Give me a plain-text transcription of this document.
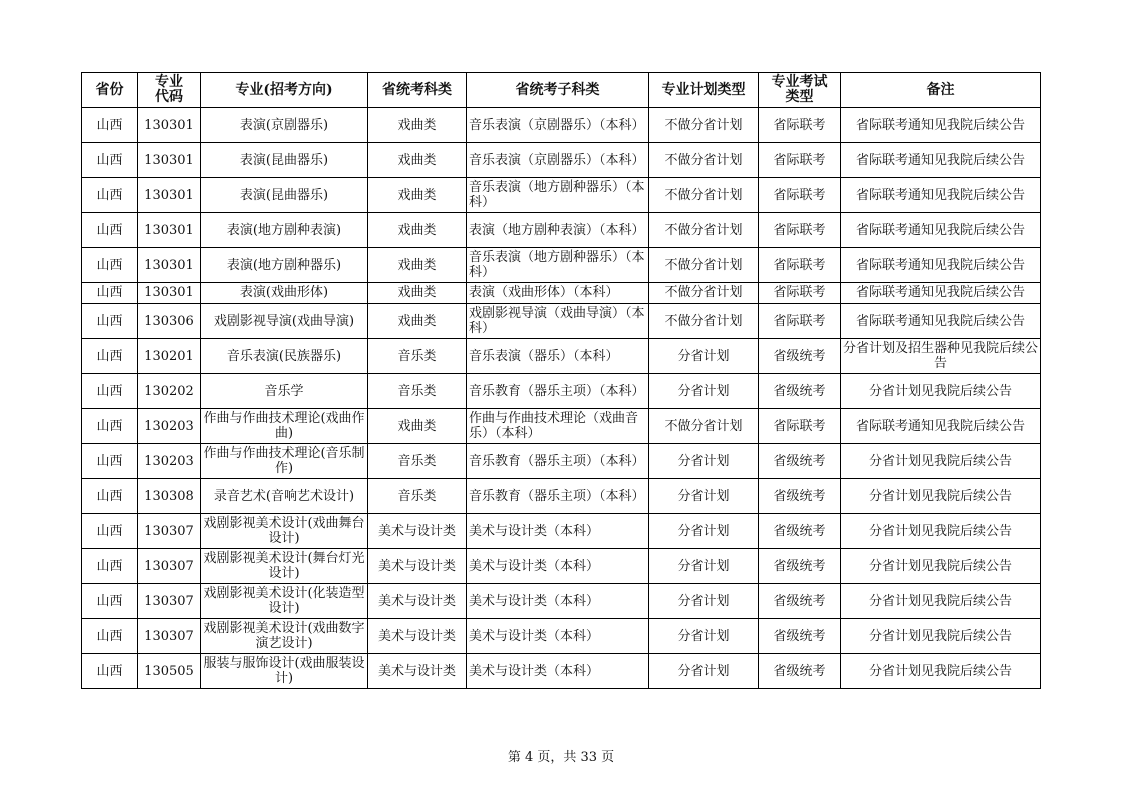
省份	专业代码	专业(招考方向)	省统考科类	省统考子科类	专业计划类型	专业考试类型	备注
山西	130301	表演(京剧器乐)	戏曲类	音乐表演（京剧器乐）（本科）	不做分省计划	省际联考	省际联考通知见我院后续公告
山西	130301	表演(昆曲器乐)	戏曲类	音乐表演（京剧器乐）（本科）	不做分省计划	省际联考	省际联考通知见我院后续公告
山西	130301	表演(昆曲器乐)	戏曲类	音乐表演（地方剧种器乐）（本科）	不做分省计划	省际联考	省际联考通知见我院后续公告
山西	130301	表演(地方剧种表演)	戏曲类	表演（地方剧种表演）（本科）	不做分省计划	省际联考	省际联考通知见我院后续公告
山西	130301	表演(地方剧种器乐)	戏曲类	音乐表演（地方剧种器乐）（本科）	不做分省计划	省际联考	省际联考通知见我院后续公告
山西	130301	表演(戏曲形体)	戏曲类	表演（戏曲形体）（本科）	不做分省计划	省际联考	省际联考通知见我院后续公告
山西	130306	戏剧影视导演(戏曲导演)	戏曲类	戏剧影视导演（戏曲导演）（本科）	不做分省计划	省际联考	省际联考通知见我院后续公告
山西	130201	音乐表演(民族器乐)	音乐类	音乐表演（器乐）（本科）	分省计划	省级统考	分省计划及招生器种见我院后续公告
山西	130202	音乐学	音乐类	音乐教育（器乐主项）（本科）	分省计划	省级统考	分省计划见我院后续公告
山西	130203	作曲与作曲技术理论(戏曲作曲)	戏曲类	作曲与作曲技术理论（戏曲音乐）（本科）	不做分省计划	省际联考	省际联考通知见我院后续公告
山西	130203	作曲与作曲技术理论(音乐制作)	音乐类	音乐教育（器乐主项）（本科）	分省计划	省级统考	分省计划见我院后续公告
山西	130308	录音艺术(音响艺术设计)	音乐类	音乐教育（器乐主项）（本科）	分省计划	省级统考	分省计划见我院后续公告
山西	130307	戏剧影视美术设计(戏曲舞台设计)	美术与设计类	美术与设计类（本科）	分省计划	省级统考	分省计划见我院后续公告
山西	130307	戏剧影视美术设计(舞台灯光设计)	美术与设计类	美术与设计类（本科）	分省计划	省级统考	分省计划见我院后续公告
山西	130307	戏剧影视美术设计(化装造型设计)	美术与设计类	美术与设计类（本科）	分省计划	省级统考	分省计划见我院后续公告
山西	130307	戏剧影视美术设计(戏曲数字演艺设计)	美术与设计类	美术与设计类（本科）	分省计划	省级统考	分省计划见我院后续公告
山西	130505	服装与服饰设计(戏曲服装设计)	美术与设计类	美术与设计类（本科）	分省计划	省级统考	分省计划见我院后续公告
第 4 页，共 33 页
